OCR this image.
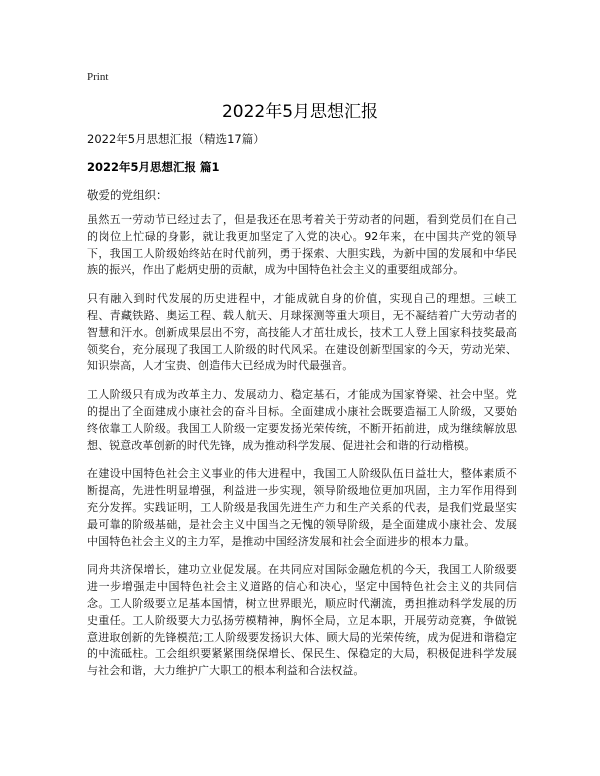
Print
2022年5月思想汇报
2022年5月思想汇报（精选17篇）
2022年5月思想汇报 篇1
敬爱的党组织：

虽然五一劳动节已经过去了，但是我还在思考着关于劳动者的问题，看到党员们在自己的岗位上忙碌的身影，就让我更加坚定了入党的决心。92年来，在中国共产党的领导下，我国工人阶级始终站在时代前列，勇于探索、大胆实践，为新中国的发展和中华民族的振兴，作出了彪炳史册的贡献，成为中国特色社会主义的重要组成部分。

只有融入到时代发展的历史进程中，才能成就自身的价值，实现自己的理想。三峡工程、青藏铁路、奥运工程、载人航天、月球探测等重大项目，无不凝结着广大劳动者的智慧和汗水。创新成果层出不穷，高技能人才茁壮成长，技术工人登上国家科技奖最高领奖台，充分展现了我国工人阶级的时代风采。在建设创新型国家的今天，劳动光荣、知识崇高，人才宝贵、创造伟大已经成为时代最强音。

工人阶级只有成为改革主力、发展动力、稳定基石，才能成为国家脊梁、社会中坚。党的提出了全面建成小康社会的奋斗目标。全面建成小康社会既要造福工人阶级，又要始终依靠工人阶级。我国工人阶级一定要发扬光荣传统，不断开拓前进，成为继续解放思想、锐意改革创新的时代先锋，成为推动科学发展、促进社会和谐的行动楷模。

在建设中国特色社会主义事业的伟大进程中，我国工人阶级队伍日益壮大，整体素质不断提高，先进性明显增强，利益进一步实现，领导阶级地位更加巩固，主力军作用得到充分发挥。实践证明，工人阶级是我国先进生产力和生产关系的代表，是我们党最坚实最可靠的阶级基础，是社会主义中国当之无愧的领导阶级，是全面建成小康社会、发展中国特色社会主义的主力军，是推动中国经济发展和社会全面进步的根本力量。

同舟共济保增长，建功立业促发展。在共同应对国际金融危机的今天，我国工人阶级要进一步增强走中国特色社会主义道路的信心和决心，坚定中国特色社会主义的共同信念。工人阶级要立足基本国情，树立世界眼光，顺应时代潮流，勇担推动科学发展的历史重任。工人阶级要大力弘扬劳模精神，胸怀全局，立足本职，开展劳动竞赛，争做锐意进取创新的先锋模范;工人阶级要发扬识大体、顾大局的光荣传统，成为促进和谐稳定的中流砥柱。工会组织要紧紧围绕保增长、保民生、保稳定的大局，积极促进科学发展与社会和谐，大力维护广大职工的根本利益和合法权益。
